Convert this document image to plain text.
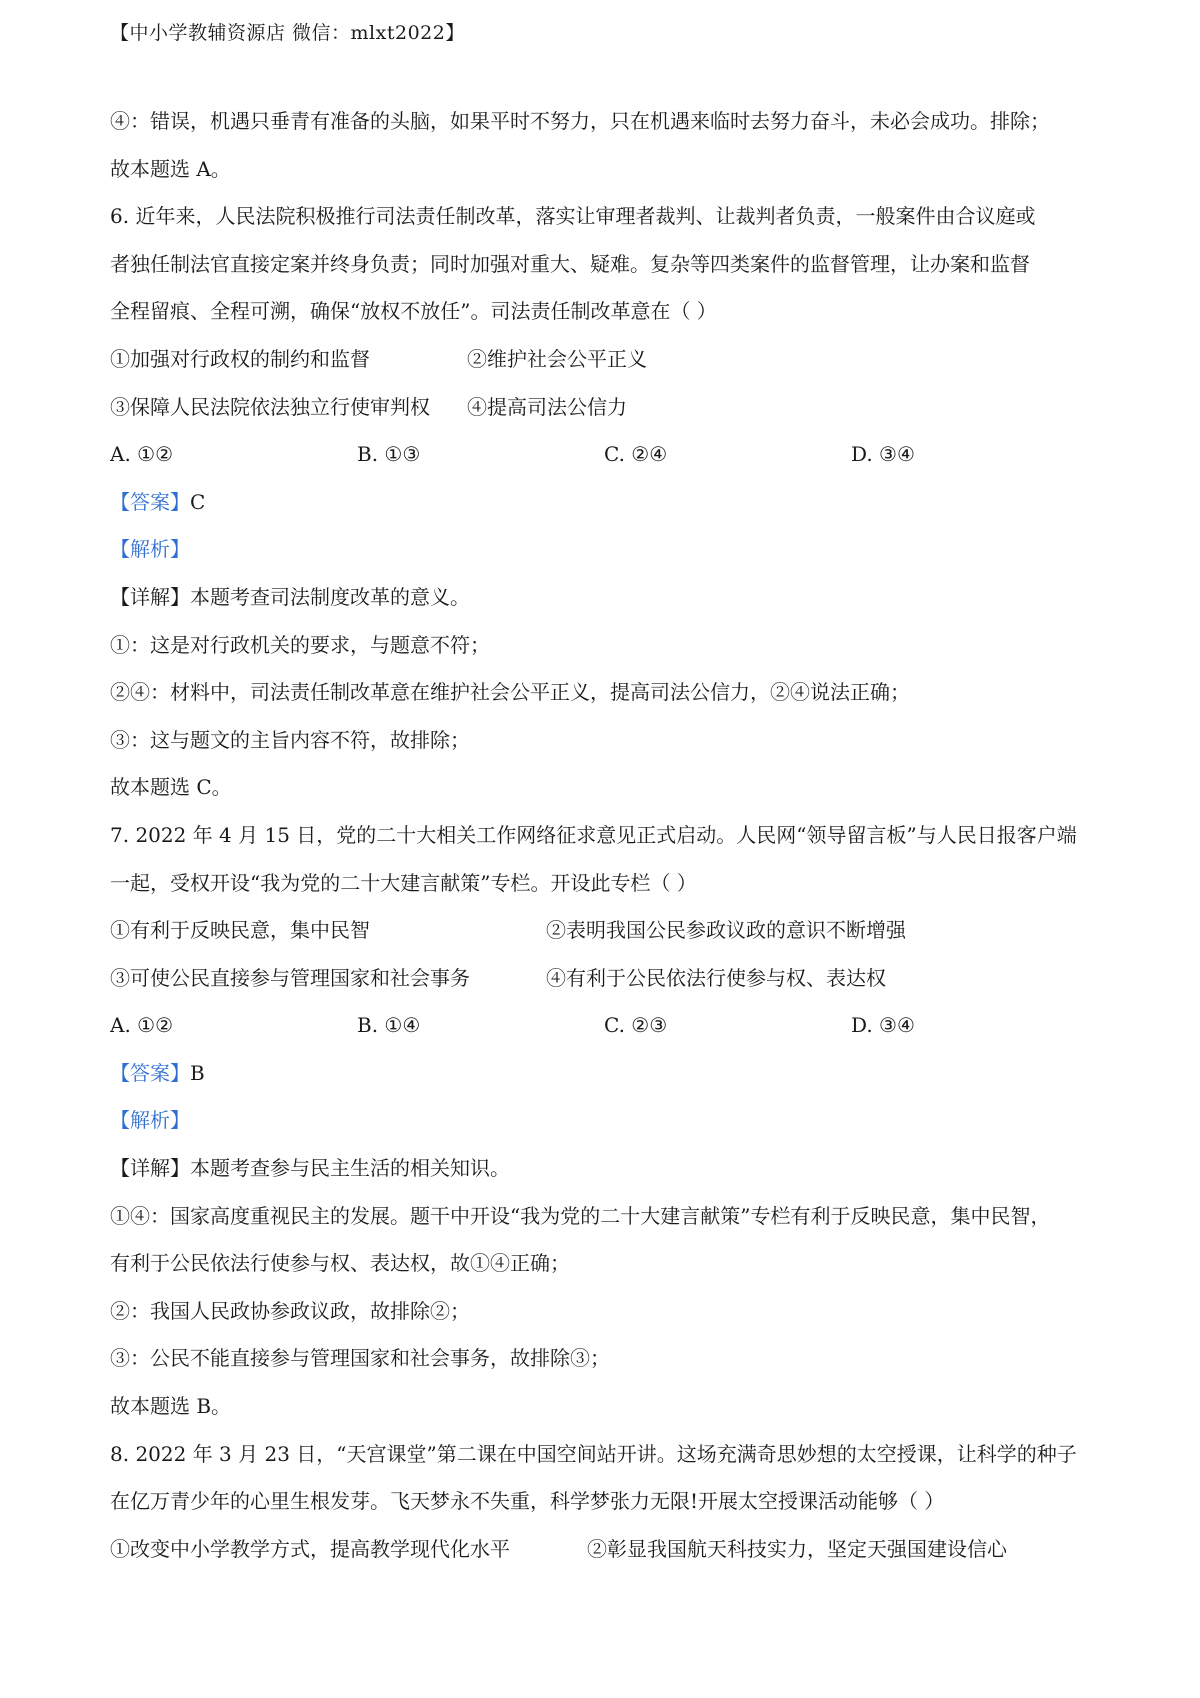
【中小学教辅资源店 微信：mlxt2022】
④：错误，机遇只垂青有准备的头脑，如果平时不努力，只在机遇来临时去努力奋斗，未必会成功。排除；
故本题选 A。
6. 近年来，人民法院积极推行司法责任制改革，落实让审理者裁判、让裁判者负责，一般案件由合议庭或
者独任制法官直接定案并终身负责；同时加强对重大、疑难。复杂等四类案件的监督管理，让办案和监督
全程留痕、全程可溯，确保“放权不放任”。司法责任制改革意在（ ）
①加强对行政权的制约和监督	②维护社会公平正义
③保障人民法院依法独立行使审判权 ④提高司法公信力
A. ①②	B. ①③	C. ②④	D. ③④
【答案】C
【解析】
【详解】本题考查司法制度改革的意义。
①：这是对行政机关的要求，与题意不符；
②④：材料中，司法责任制改革意在维护社会公平正义，提高司法公信力，②④说法正确；
③：这与题文的主旨内容不符，故排除；
故本题选 C。
7. 2022 年 4 月 15 日，党的二十大相关工作网络征求意见正式启动。人民网“领导留言板”与人民日报客户端
一起，受权开设“我为党的二十大建言献策”专栏。开设此专栏（ ）
①有利于反映民意，集中民智	②表明我国公民参政议政的意识不断增强
③可使公民直接参与管理国家和社会事务	④有利于公民依法行使参与权、表达权
A. ①②	B. ①④	C. ②③	D. ③④
【答案】B
【解析】
【详解】本题考查参与民主生活的相关知识。
①④：国家高度重视民主的发展。题干中开设“我为党的二十大建言献策”专栏有利于反映民意，集中民智，
有利于公民依法行使参与权、表达权，故①④正确；
②：我国人民政协参政议政，故排除②；
③：公民不能直接参与管理国家和社会事务，故排除③；
故本题选 B。
8. 2022 年 3 月 23 日，“天宫课堂”第二课在中国空间站开讲。这场充满奇思妙想的太空授课，让科学的种子
在亿万青少年的心里生根发芽。飞天梦永不失重，科学梦张力无限!开展太空授课活动能够（ ）
①改变中小学教学方式，提高教学现代化水平	②彰显我国航天科技实力，坚定天强国建设信心
